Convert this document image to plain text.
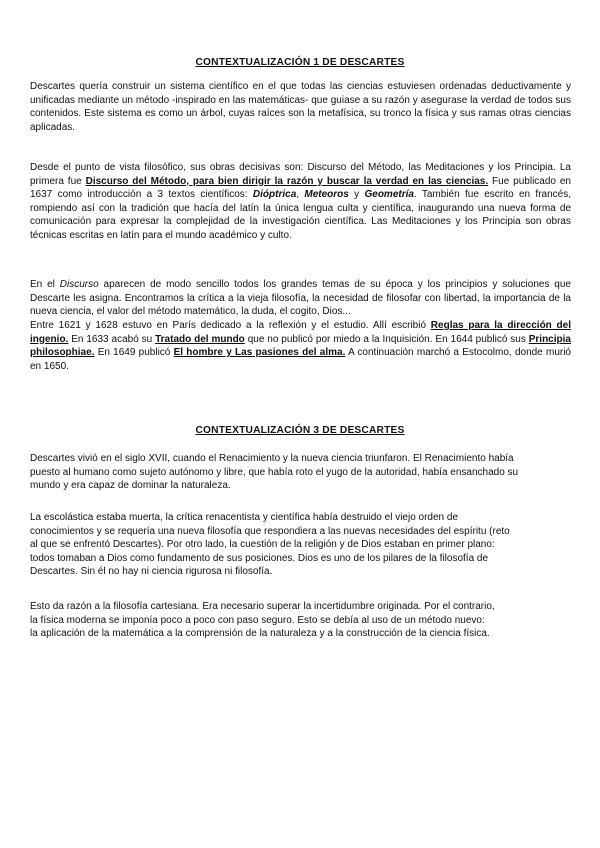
CONTEXTUALIZACIÓN 1 DE DESCARTES

Descartes quería construir un sistema científico en el que todas las ciencias estuviesen ordenadas deductivamente y unificadas mediante un método -inspirado en las matemáticas- que guiase a su razón y asegurase la verdad de todos sus contenidos. Este sistema es como un árbol, cuyas raíces son la metafísica, su tronco la física y sus ramas otras ciencias aplicadas.

Desde el punto de vista filosófico, sus obras decisivas son: Discurso del Método, las Meditaciones y los Principia. La primera fue Discurso del Método, para bien dirigir la razón y buscar la verdad en las ciencias. Fue publicado en 1637 como introducción a 3 textos científicos: Dióptrica, Meteoros y Geometría. También fue escrito en francés, rompiendo así con la tradición que hacía del latín la única lengua culta y científica, inaugurando una nueva forma de comunicación para expresar la complejidad de la investigación científica. Las Meditaciones y los Principia son obras técnicas escritas en latín para el mundo académico y culto.

En el Discurso aparecen de modo sencillo todos los grandes temas de su época y los principios y soluciones que Descarte les asigna. Encontramos la crítica a la vieja filosofía, la necesidad de filosofar con libertad, la importancia de la nueva ciencia, el valor del método matemático, la duda, el cogito, Dios...

Entre 1621 y 1628 estuvo en París dedicado a la reflexión y el estudio. Allí escribió Reglas para la dirección del ingenio. En 1633 acabó su Tratado del mundo que no publicó por miedo a la Inquisición. En 1644 publicó sus Principia philosophiae. En 1649 publicó El hombre y Las pasiones del alma. A continuación marchó a Estocolmo, donde murió en 1650.

CONTEXTUALIZACIÓN 3 DE DESCARTES
Descartes vivió en el siglo XVII, cuando el Renacimiento y la nueva ciencia triunfaron. El Renacimiento había
puesto al humano como sujeto autónomo y libre, que había roto el yugo de la autoridad, había ensanchado su
mundo y era capaz de dominar la naturaleza.
La escolástica estaba muerta, la crítica renacentista y científica había destruido el viejo orden de
conocimientos y se requería una nueva filosofía que respondiera a las nuevas necesidades del espíritu (reto
al que se enfrentó Descartes). Por otro lado, la cuestión de la religión y de Dios estaban en primer plano:
todos tomaban a Dios como fundamento de sus posiciones. Dios es uno de los pilares de la filosofía de
Descartes. Sin él no hay ni ciencia rigurosa ni filosofía.
Esto da razón a la filosofía cartesiana. Era necesario superar la incertidumbre originada. Por el contrario,
la física moderna se imponía poco a poco con paso seguro. Esto se debía al uso de un método nuevo:
la aplicación de la matemática a la comprensión de la naturaleza y a la construcción de la ciencia física.
